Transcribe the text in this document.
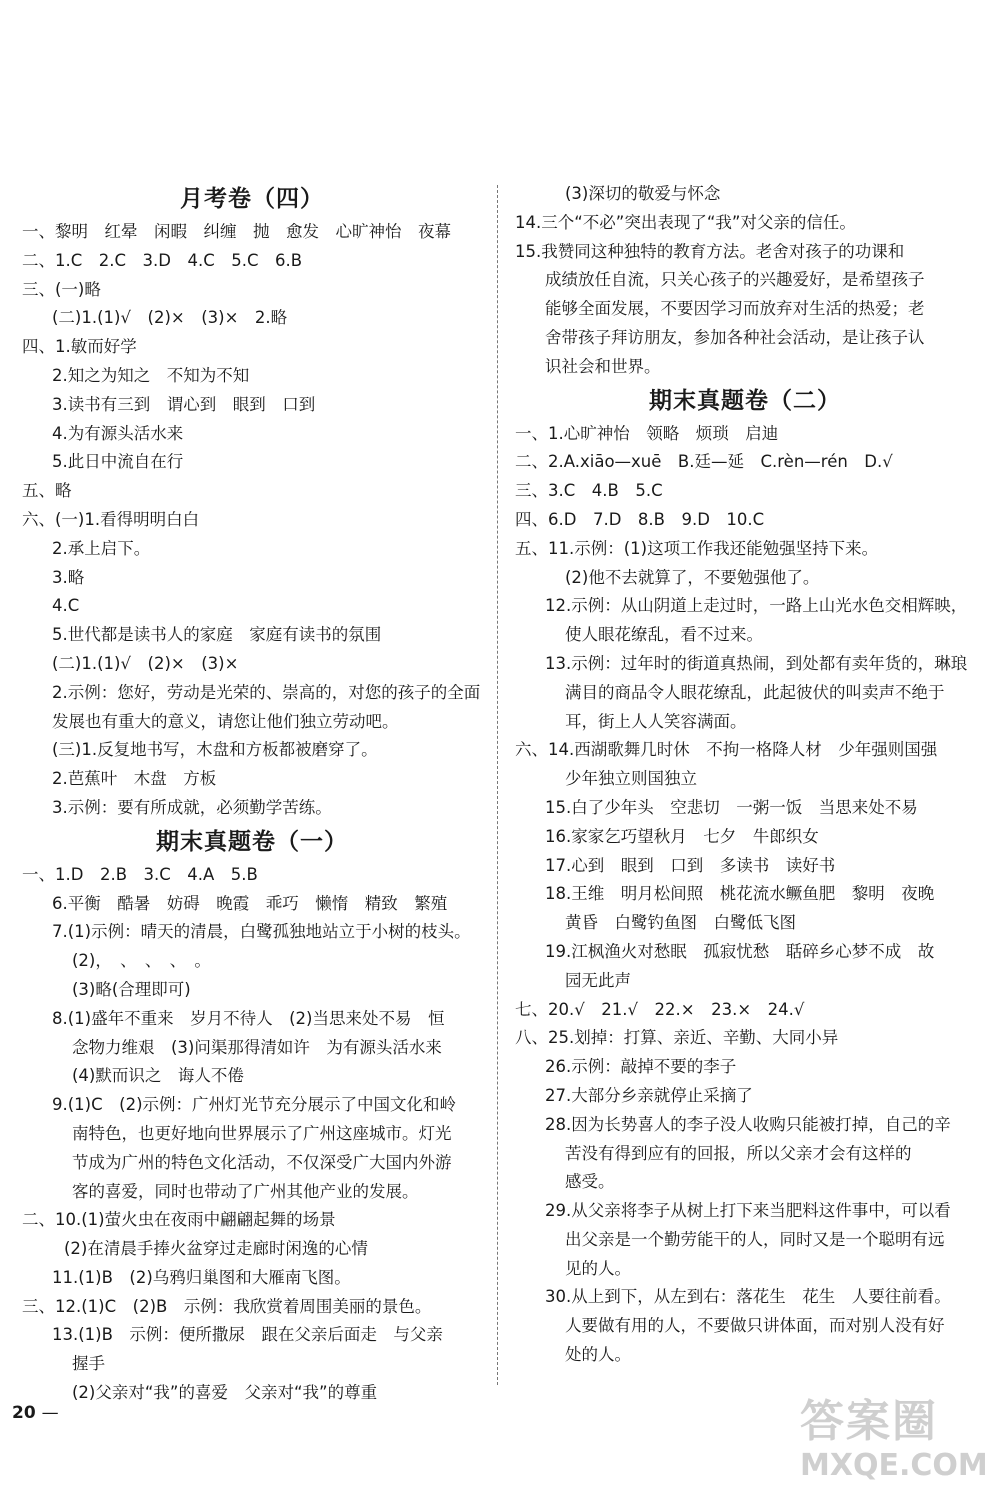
月考卷（四）
一、黎明　红晕　闲暇　纠缠　抛　愈发　心旷神怡　夜幕
二、1.C　2.C　3.D　4.C　5.C　6.B
三、(一)略
(二)1.(1)√　(2)×　(3)×　2.略
四、1.敏而好学
2.知之为知之　不知为不知
3.读书有三到　谓心到　眼到　口到
4.为有源头活水来
5.此日中流自在行
五、略
六、(一)1.看得明明白白
2.承上启下。
3.略
4.C
5.世代都是读书人的家庭　家庭有读书的氛围
(二)1.(1)√　(2)×　(3)×
2.示例：您好，劳动是光荣的、崇高的，对您的孩子的全面
发展也有重大的意义，请您让他们独立劳动吧。
(三)1.反复地书写，木盘和方板都被磨穿了。
2.芭蕉叶　木盘　方板
3.示例：要有所成就，必须勤学苦练。
期末真题卷（一）
一、1.D　2.B　3.C　4.A　5.B
6.平衡　酷暑　妨碍　晚霞　乖巧　懒惰　精致　繁殖
7.(1)示例：晴天的清晨，白鹭孤独地站立于小树的枝头。
(2)，　、　、　、　。
(3)略(合理即可)
8.(1)盛年不重来　岁月不待人　(2)当思来处不易　恒
念物力维艰　(3)问渠那得清如许　为有源头活水来
(4)默而识之　诲人不倦
9.(1)C　(2)示例：广州灯光节充分展示了中国文化和岭
南特色，也更好地向世界展示了广州这座城市。灯光
节成为广州的特色文化活动，不仅深受广大国内外游
客的喜爱，同时也带动了广州其他产业的发展。
二、10.(1)萤火虫在夜雨中翩翩起舞的场景
(2)在清晨手捧火盆穿过走廊时闲逸的心情
11.(1)B　(2)乌鸦归巢图和大雁南飞图。
三、12.(1)C　(2)B　示例：我欣赏着周围美丽的景色。
13.(1)B　示例：便所撒尿　跟在父亲后面走　与父亲
握手
(2)父亲对“我”的喜爱　父亲对“我”的尊重
(3)深切的敬爱与怀念
14.三个“不必”突出表现了“我”对父亲的信任。
15.我赞同这种独特的教育方法。老舍对孩子的功课和
成绩放任自流，只关心孩子的兴趣爱好，是希望孩子
能够全面发展，不要因学习而放弃对生活的热爱；老
舍带孩子拜访朋友，参加各种社会活动，是让孩子认
识社会和世界。
期末真题卷（二）
一、1.心旷神怡　领略　烦琐　启迪
二、2.A.xiāo—xuē　B.廷—延　C.rèn—rén　D.√
三、3.C　4.B　5.C
四、6.D　7.D　8.B　9.D　10.C
五、11.示例：(1)这项工作我还能勉强坚持下来。
(2)他不去就算了，不要勉强他了。
12.示例：从山阴道上走过时，一路上山光水色交相辉映，
使人眼花缭乱，看不过来。
13.示例：过年时的街道真热闹，到处都有卖年货的，琳琅
满目的商品令人眼花缭乱，此起彼伏的叫卖声不绝于
耳，街上人人笑容满面。
六、14.西湖歌舞几时休　不拘一格降人材　少年强则国强
少年独立则国独立
15.白了少年头　空悲切　一粥一饭　当思来处不易
16.家家乞巧望秋月　七夕　牛郎织女
17.心到　眼到　口到　多读书　读好书
18.王维　明月松间照　桃花流水鳜鱼肥　黎明　夜晚
黄昏　白鹭钓鱼图　白鹭低飞图
19.江枫渔火对愁眠　孤寂忧愁　聒碎乡心梦不成　故
园无此声
七、20.√　21.√　22.×　23.×　24.√
八、25.划掉：打算、亲近、辛勤、大同小异
26.示例：敲掉不要的李子
27.大部分乡亲就停止采摘了
28.因为长势喜人的李子没人收购只能被打掉，自己的辛
苦没有得到应有的回报，所以父亲才会有这样的
感受。
29.从父亲将李子从树上打下来当肥料这件事中，可以看
出父亲是一个勤劳能干的人，同时又是一个聪明有远
见的人。
30.从上到下，从左到右：落花生　花生　人要往前看。
人要做有用的人，不要做只讲体面，而对别人没有好
处的人。
20 —	答案圈
MXQE.COM
